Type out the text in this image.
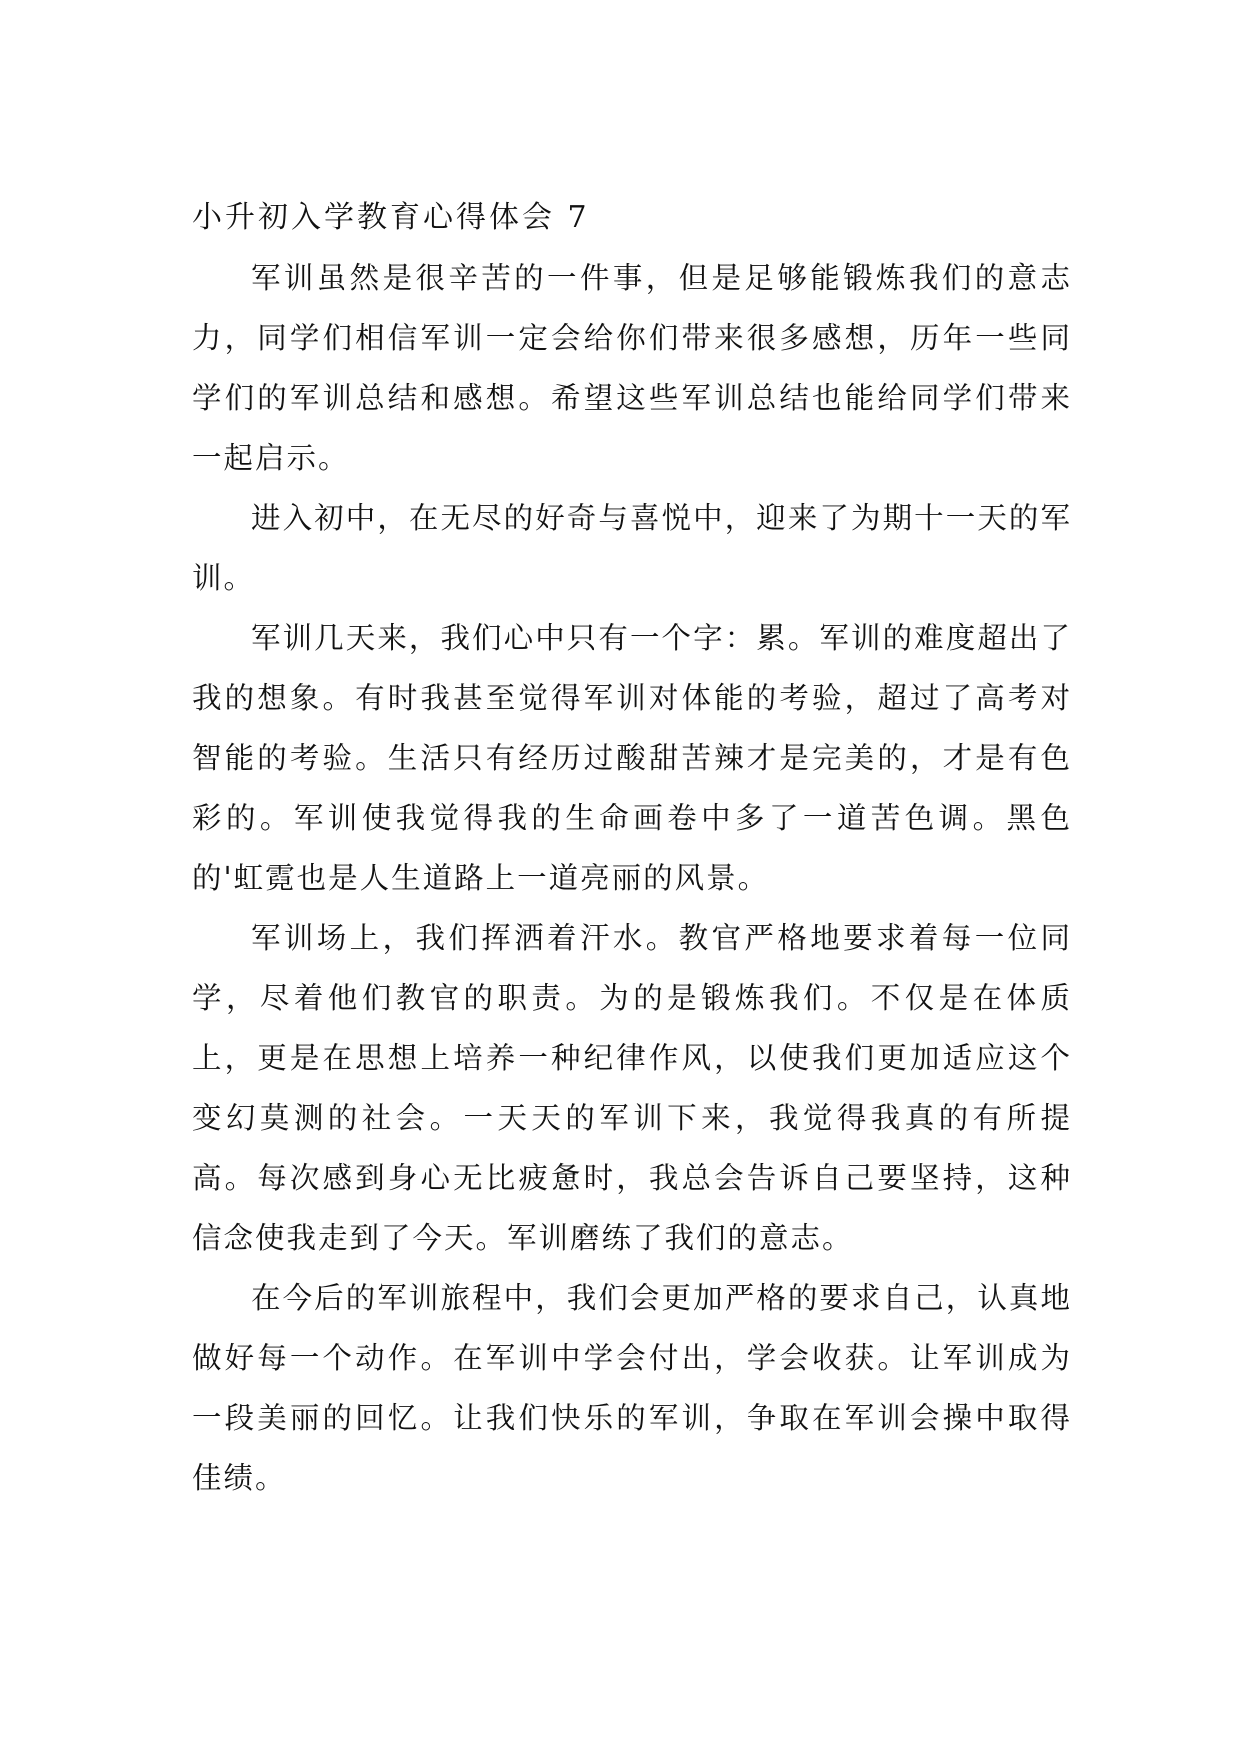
小升初入学教育心得体会 7

军训虽然是很辛苦的一件事，但是足够能锻炼我们的意志力，同学们相信军训一定会给你们带来很多感想，历年一些同学们的军训总结和感想。希望这些军训总结也能给同学们带来一起启示。

进入初中，在无尽的好奇与喜悦中，迎来了为期十一天的军训。

军训几天来，我们心中只有一个字：累。军训的难度超出了我的想象。有时我甚至觉得军训对体能的考验，超过了高考对智能的考验。生活只有经历过酸甜苦辣才是完美的，才是有色彩的。军训使我觉得我的生命画卷中多了一道苦色调。黑色的'虹霓也是人生道路上一道亮丽的风景。

军训场上，我们挥洒着汗水。教官严格地要求着每一位同学，尽着他们教官的职责。为的是锻炼我们。不仅是在体质上，更是在思想上培养一种纪律作风，以使我们更加适应这个变幻莫测的社会。一天天的军训下来，我觉得我真的有所提高。每次感到身心无比疲惫时，我总会告诉自己要坚持，这种信念使我走到了今天。军训磨练了我们的意志。

在今后的军训旅程中，我们会更加严格的要求自己，认真地做好每一个动作。在军训中学会付出，学会收获。让军训成为一段美丽的回忆。让我们快乐的军训，争取在军训会操中取得佳绩。
